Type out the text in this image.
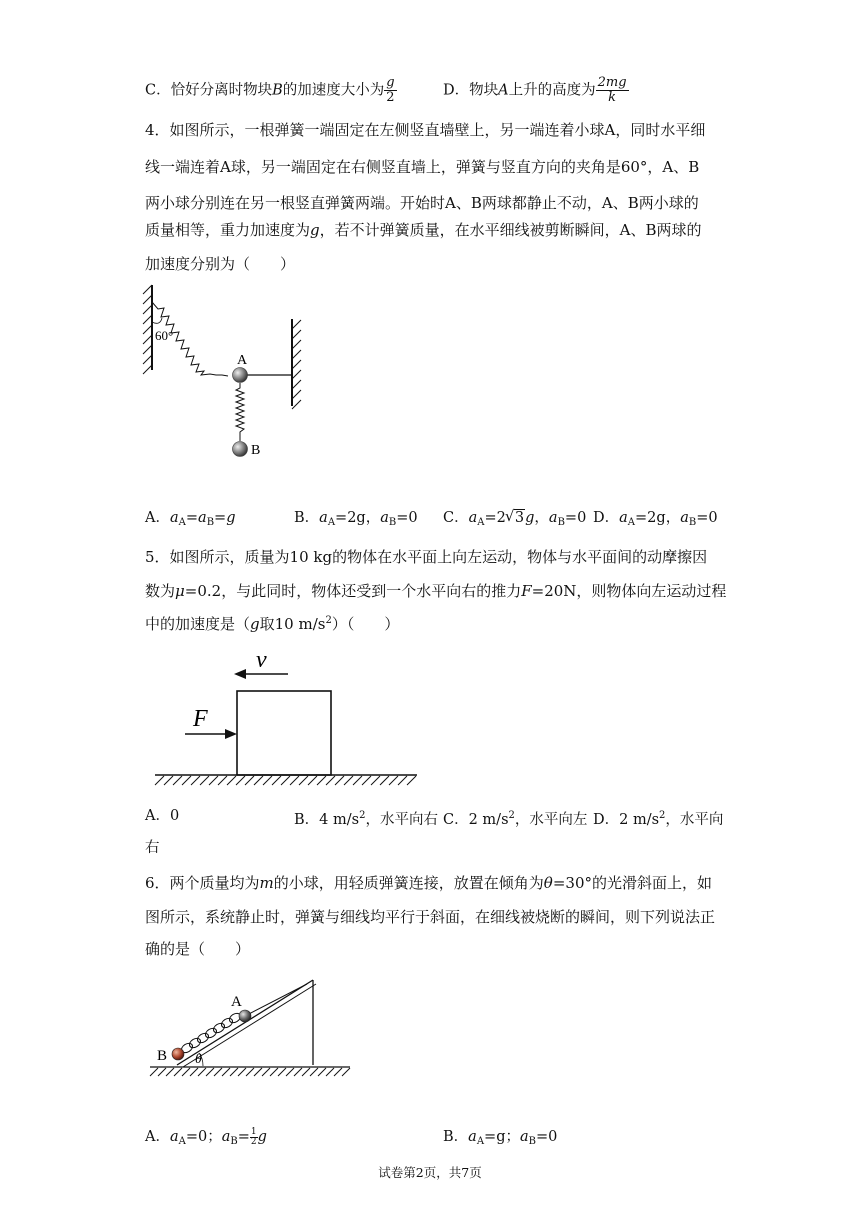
C．恰好分离时物块B的加速度大小为 $\frac{g}{2}$	D．物块A上升的高度为 $\frac{2mg}{k}$
4．如图所示，一根弹簧一端固定在左侧竖直墙壁上，另一端连着小球A，同时水平细
线一端连着A球，另一端固定在右侧竖直墙上，弹簧与竖直方向的夹角是60°，A、B
两小球分别连在另一根竖直弹簧两端。开始时A、B两球都静止不动，A、B两小球的
质量相等，重力加速度为g，若不计弹簧质量，在水平细线被剪断瞬间，A、B两球的
加速度分别为（　　）
60°
A
B
A．$a_A=a_B=g$	B．$a_A=2g$，$a_B=0$ C．$a_A=2√$ 3g，$a_B=0$ D．$a_A=2g$，$a_B=0$
5．如图所示，质量为10 kg的物体在水平面上向左运动，物体与水平面间的动摩擦因
数为μ=0.2，与此同时，物体还受到一个水平向右的推力F=20N，则物体向左运动过程
中的加速度是（g取10 $m/s^2$）（　　）
v
F
A．0	B．4 $m/s^2$，水平向右 C．2 $m/s^2$，水平向左 D．2 $m/s^2$，水平向
右
6．两个质量均为m的小球，用轻质弹簧连接，放置在倾角为θ=30°的光滑斜面上，如
图所示，系统静止时，弹簧与细线均平行于斜面，在细线被烧断的瞬间，则下列说法正
确的是（　　）
A
B θ
A．$a_A=0$；$a_B= \frac{1}{2}$ g	B．$a_A=g$；$a_B=0$
试卷第2页，共7页
